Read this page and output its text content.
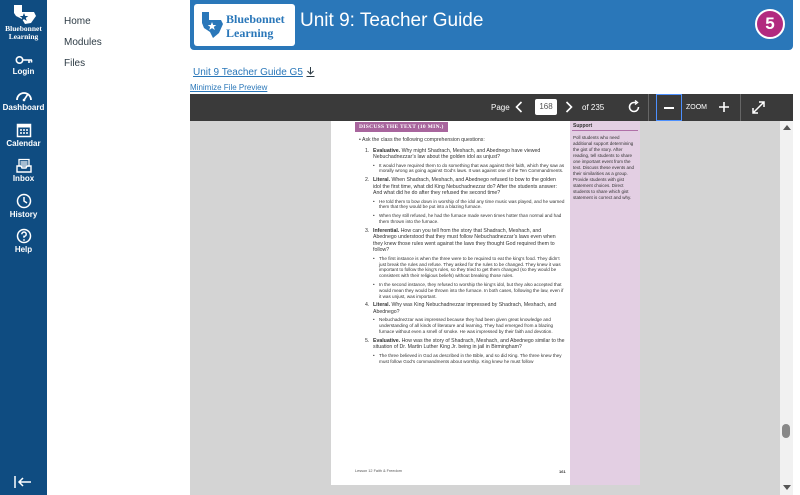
Bluebonnet
Learning
Login
Dashboard
Calendar
Inbox
History
Help
Home
Modules
Files
Bluebonnet
Learning
Unit 9: Teacher Guide	5
Unit 9 Teacher Guide G5
Minimize File Preview
Page	168	of 235	ZOOM
DISCUSS THE TEXT (10 MIN.)
• Ask the class the following comprehension questions:
1. Evaluative. Why might Shadrach, Meshach, and Abednego have viewed Nebuchadnezzar’s law about the golden idol as unjust?
• It would have required them to do something that was against their faith, which they saw as morally wrong as going against God’s laws. It was against one of the Ten Commandments.
2. Literal. When Shadrach, Meshach, and Abednego refused to bow to the golden idol the first time, what did King Nebuchadnezzar do? After the students answer: And what did he do after they refused the second time?
• He told them to bow down in worship of the idol any time music was played, and he warned them that they would be put into a blazing furnace.
• When they still refused, he had the furnace made seven times hotter than normal and had them thrown into the furnace.
3. Inferential. How can you tell from the story that Shadrach, Meshach, and Abednego understood that they must follow Nebuchadnezzar’s laws even when they knew those rules went against the laws they thought God required them to follow?
• The first instance is when the three were to be required to eat the king’s food. They didn’t just break the rules and refuse. They asked for the rules to be changed. They knew it was important to follow the king’s rules, so they tried to get them changed (so they would be consistent with their religious beliefs) without breaking those rules.
• In the second instance, they refused to worship the king’s idol, but they also accepted that would mean they would be thrown into the furnace. In both cases, following the law, even if it was unjust, was important.
4. Literal. Why was King Nebuchadnezzar impressed by Shadrach, Meshach, and Abednego?
• Nebuchadnezzar was impressed because they had been given great knowledge and understanding of all kinds of literature and learning. They had emerged from a blazing furnace without even a smell of smoke. He was impressed by their faith and devotion.
5. Evaluative. How was the story of Shadrach, Meshach, and Abednego similar to the situation of Dr. Martin Luther King Jr. being in jail in Birmingham?
• The three believed in God as described in the Bible, and so did King. The three knew they must follow God’s commandments about worship. King knew he must follow
Support
Poll students who need additional support determining the gist of the story. After reading, tell students to share one important event from the text. Discuss these events and their similarities as a group. Provide students with gist statement choices. Direct students to share which gist statement is correct and why.
Lesson 12 Faith & Freedom	161
